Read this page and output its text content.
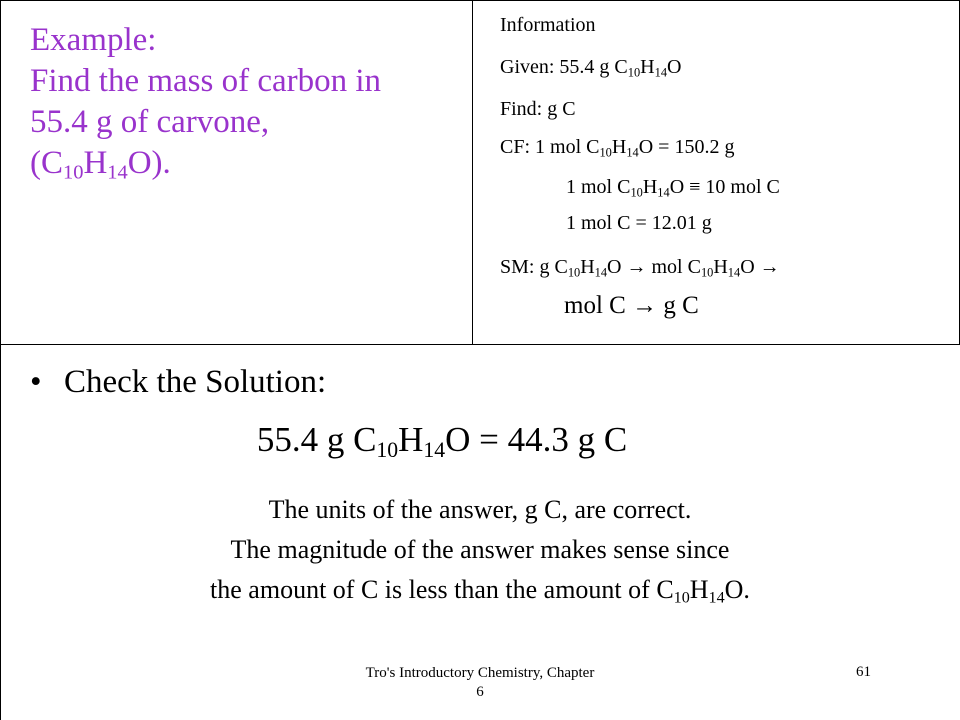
Example:
Find the mass of carbon in
55.4 g of carvone,
$(C_{10}H_{14}O)$.
Information
Given: 55.4 g $C_{10}H_{14}O$
Find: g C
CF: 1 mol $C_{10}H_{14}O = 150.2$ g
1 mol $C_{10}H_{14}O \equiv 10$ mol C
1 mol C = 12.01 g
SM: g $C_{10}H_{14}O$ → mol $C_{10}H_{14}O$ →
mol C → g C
• Check the Solution:
55.4 g $C_{10}H_{14}O = 44.3$ g C
The units of the answer, g C, are correct.
The magnitude of the answer makes sense since
the amount of C is less than the amount of $C_{10}H_{14}O$.
Tro's Introductory Chemistry, Chapter
6
61
